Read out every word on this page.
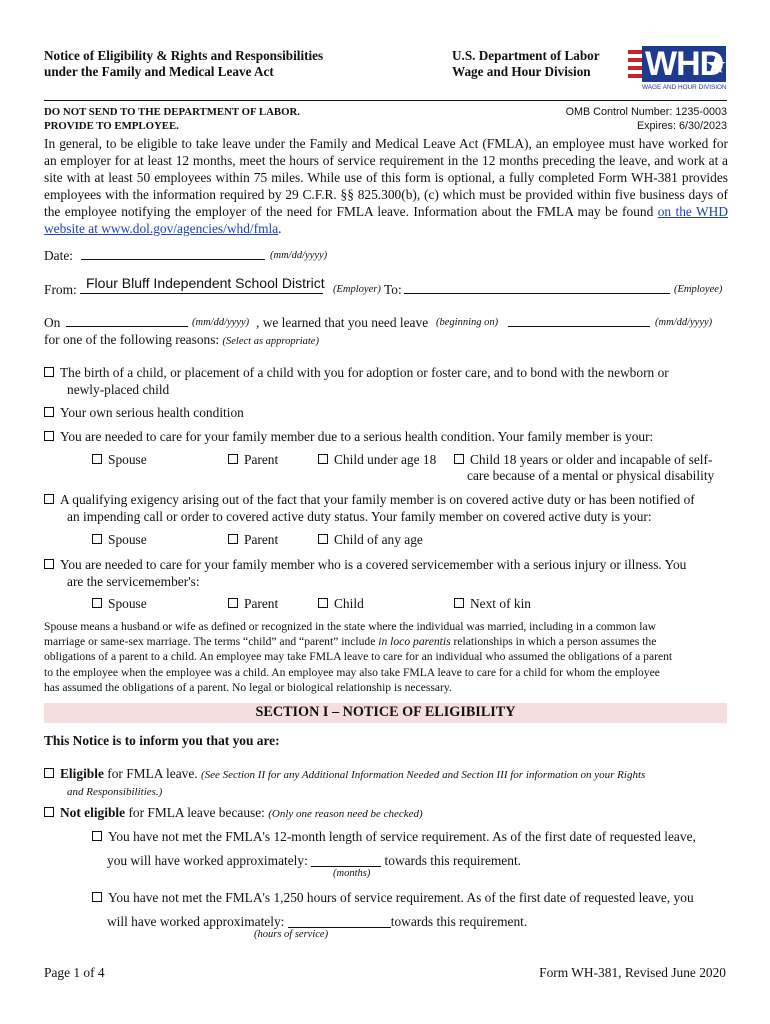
Notice of Eligibility & Rights and Responsibilities
under the Family and Medical Leave Act
U.S. Department of Labor
Wage and Hour Division WHD
WAGE AND HOUR DIVISION
DO NOT SEND TO THE DEPARTMENT OF LABOR.
PROVIDE TO EMPLOYEE.
OMB Control Number: 1235-0003
Expires: 6/30/2023
In general, to be eligible to take leave under the Family and Medical Leave Act (FMLA), an employee must have worked for an employer for at least 12 months, meet the hours of service requirement in the 12 months preceding the leave, and work at a site with at least 50 employees within 75 miles. While use of this form is optional, a fully completed Form WH-381 provides employees with the information required by 29 C.F.R. §§ 825.300(b), (c) which must be provided within five business days of the employee notifying the employer of the need for FMLA leave. Information about the FMLA may be found on the WHD website at www.dol.gov/agencies/whd/fmla.
Date:	(mm/dd/yyyy)
From: Flour Bluff Independent School District (Employer) To:	(Employee)
On	(mm/dd/yyyy) , we learned that you need leave (beginning on)	(mm/dd/yyyy)
for one of the following reasons: (Select as appropriate)
The birth of a child, or placement of a child with you for adoption or foster care, and to bond with the newborn or
newly-placed child
Your own serious health condition
You are needed to care for your family member due to a serious health condition. Your family member is your:
Spouse	Parent	Child under age 18	Child 18 years or older and incapable of self-
care because of a mental or physical disability
A qualifying exigency arising out of the fact that your family member is on covered active duty or has been notified of
an impending call or order to covered active duty status. Your family member on covered active duty is your:
Spouse	Parent	Child of any age
You are needed to care for your family member who is a covered servicemember with a serious injury or illness. You
are the servicemember's:
Spouse	Parent	Child	Next of kin
Spouse means a husband or wife as defined or recognized in the state where the individual was married, including in a common law
marriage or same-sex marriage. The terms “child” and “parent” include in loco parentis relationships in which a person assumes the
obligations of a parent to a child. An employee may take FMLA leave to care for an individual who assumed the obligations of a parent
to the employee when the employee was a child. An employee may also take FMLA leave to care for a child for whom the employee
has assumed the obligations of a parent. No legal or biological relationship is necessary.
SECTION I – NOTICE OF ELIGIBILITY
This Notice is to inform you that you are:
Eligible for FMLA leave. (See Section II for any Additional Information Needed and Section III for information on your Rights
and Responsibilities.)
Not eligible for FMLA leave because: (Only one reason need be checked)
You have not met the FMLA's 12-month length of service requirement. As of the first date of requested leave,
you will have worked approximately:	towards this requirement.
(months)
You have not met the FMLA's 1,250 hours of service requirement. As of the first date of requested leave, you
will have worked approximately:	towards this requirement.
(hours of service)
Page 1 of 4	Form WH-381, Revised June 2020
